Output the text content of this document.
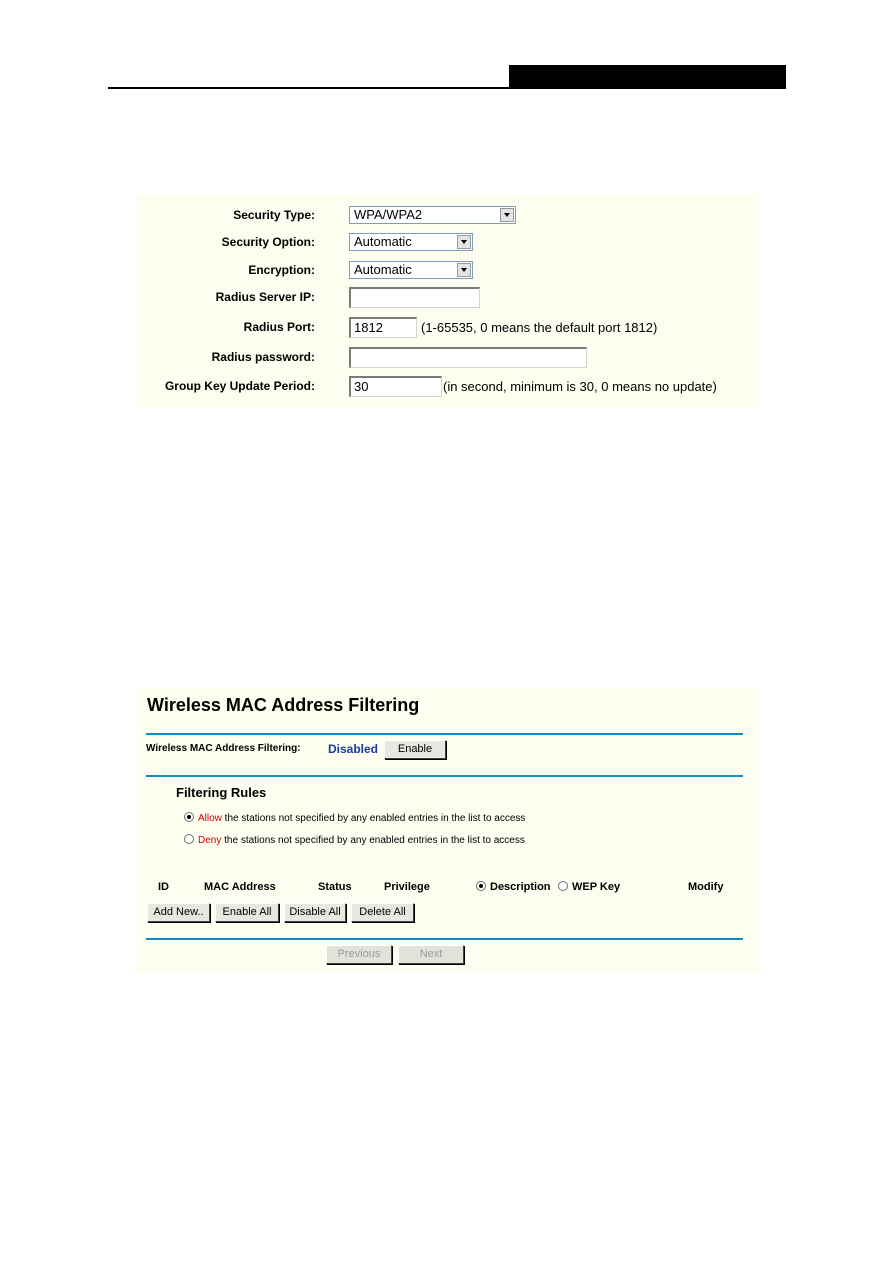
Security Type:	WPA/WPA2
Security Option:	Automatic
Encryption:	Automatic
Radius Server IP:
Radius Port:	1812	(1-65535, 0 means the default port 1812)
Radius password:
Group Key Update Period:	30	(in second, minimum is 30, 0 means no update)
Wireless MAC Address Filtering
Wireless MAC Address Filtering: Disabled	Enable
Filtering Rules
Allow the stations not specified by any enabled entries in the list to access
Deny the stations not specified by any enabled entries in the list to access
ID	MAC Address	Status	Privilege	Description	WEP Key	Modify
Add New..	Enable All	Disable All	Delete All
Previous	Next
